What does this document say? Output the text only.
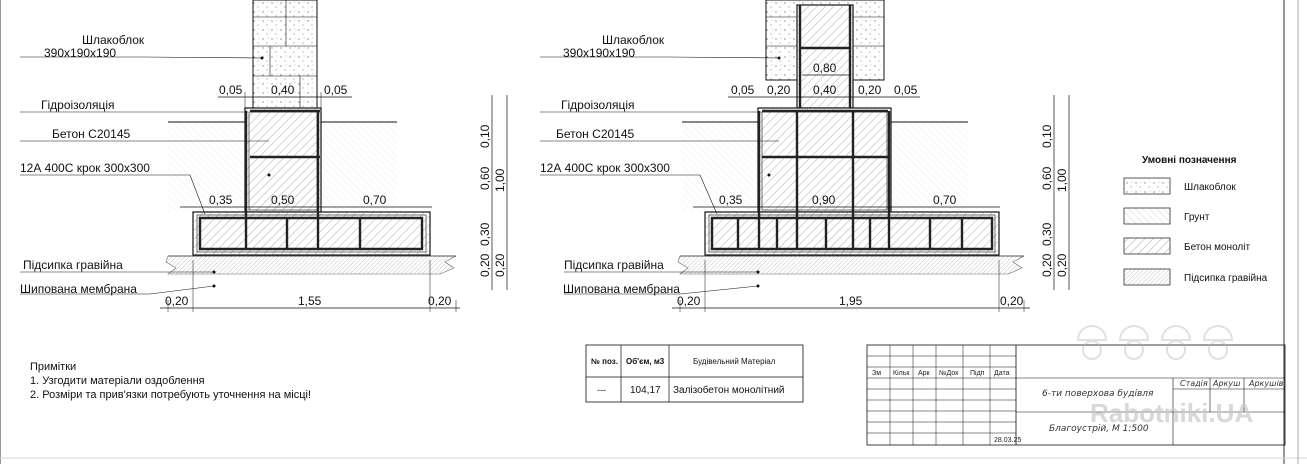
Шлакоблок
390x190x190
0,05 0,40 0,05
Гідроізоляція
Бетон С20145
12А 400С крок 300х300
0,35	0,50	0,70
Підсипка гравійна
Шипована мембрана
0,20	1,55	0,20
0,10
0,60 1,00
0,30
0,20 0,20
Шлакоблок
390x190x190
0,80
0,05 0,20 0,40 0,20 0,05
Гідроізоляція
Бетон С20145
12А 400С крок 300х300
0,35	0,90	0,70
Підсипка гравійна
Шипована мембрана
0,20	1,95	0,20
0,10
0,60 1,00
0,30
0,20 0,20
Умовні позначення
Шлакоблок
Грунт
Бетон моноліт
Підсипка гравійна
Примітки
1. Узгодити матеріали оздоблення
2. Розміри та прив'язки потребують уточнення на місці!
№ поз. Об'єм, м3	Будівельний Матеріал
--- 104,17 Залізобетон монолітний
Зм Кільк Арк №Док Підп Дата
6-ти поверхова будівля
Благоустрій, М 1:500
28.03.25
Стадія Аркуш Аркушів
Rabotniki.UA
